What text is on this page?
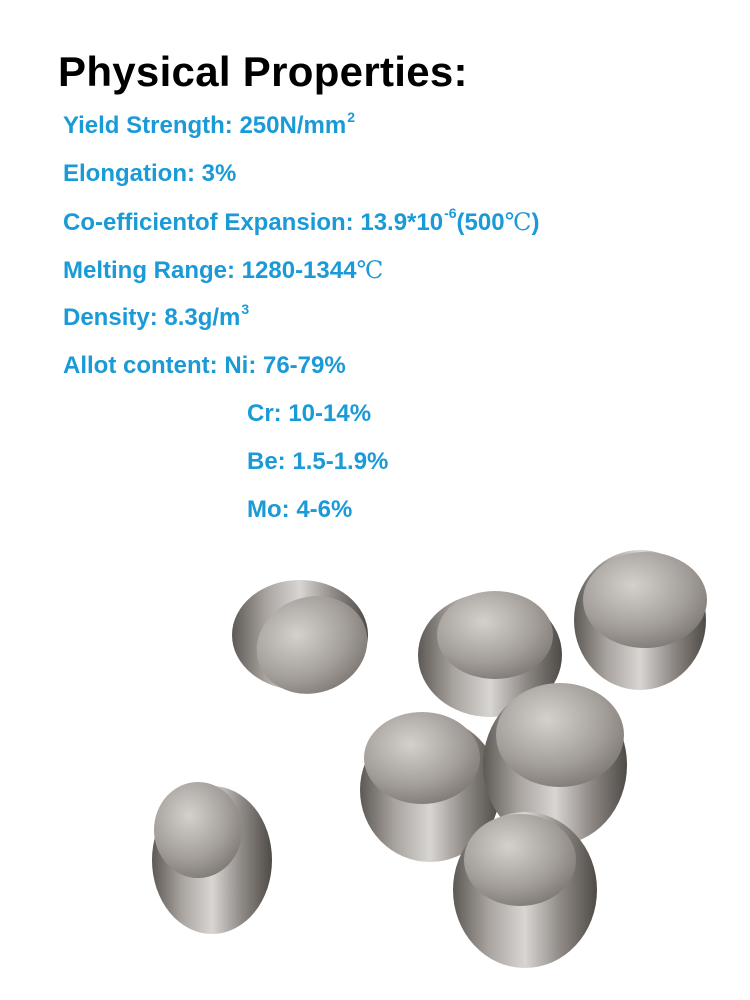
Physical Properties:

Yield Strength: $250N/mm^2$

Elongation: 3%

Co-efficientof Expansion: $13.9*10^{-6}(500℃)$

Melting Range: 1280-1344℃

Density: $8.3g/m^3$

Allot content: Ni: 76-79%

Cr: 10-14%
Be: 1.5-1.9%
Mo: 4-6%
